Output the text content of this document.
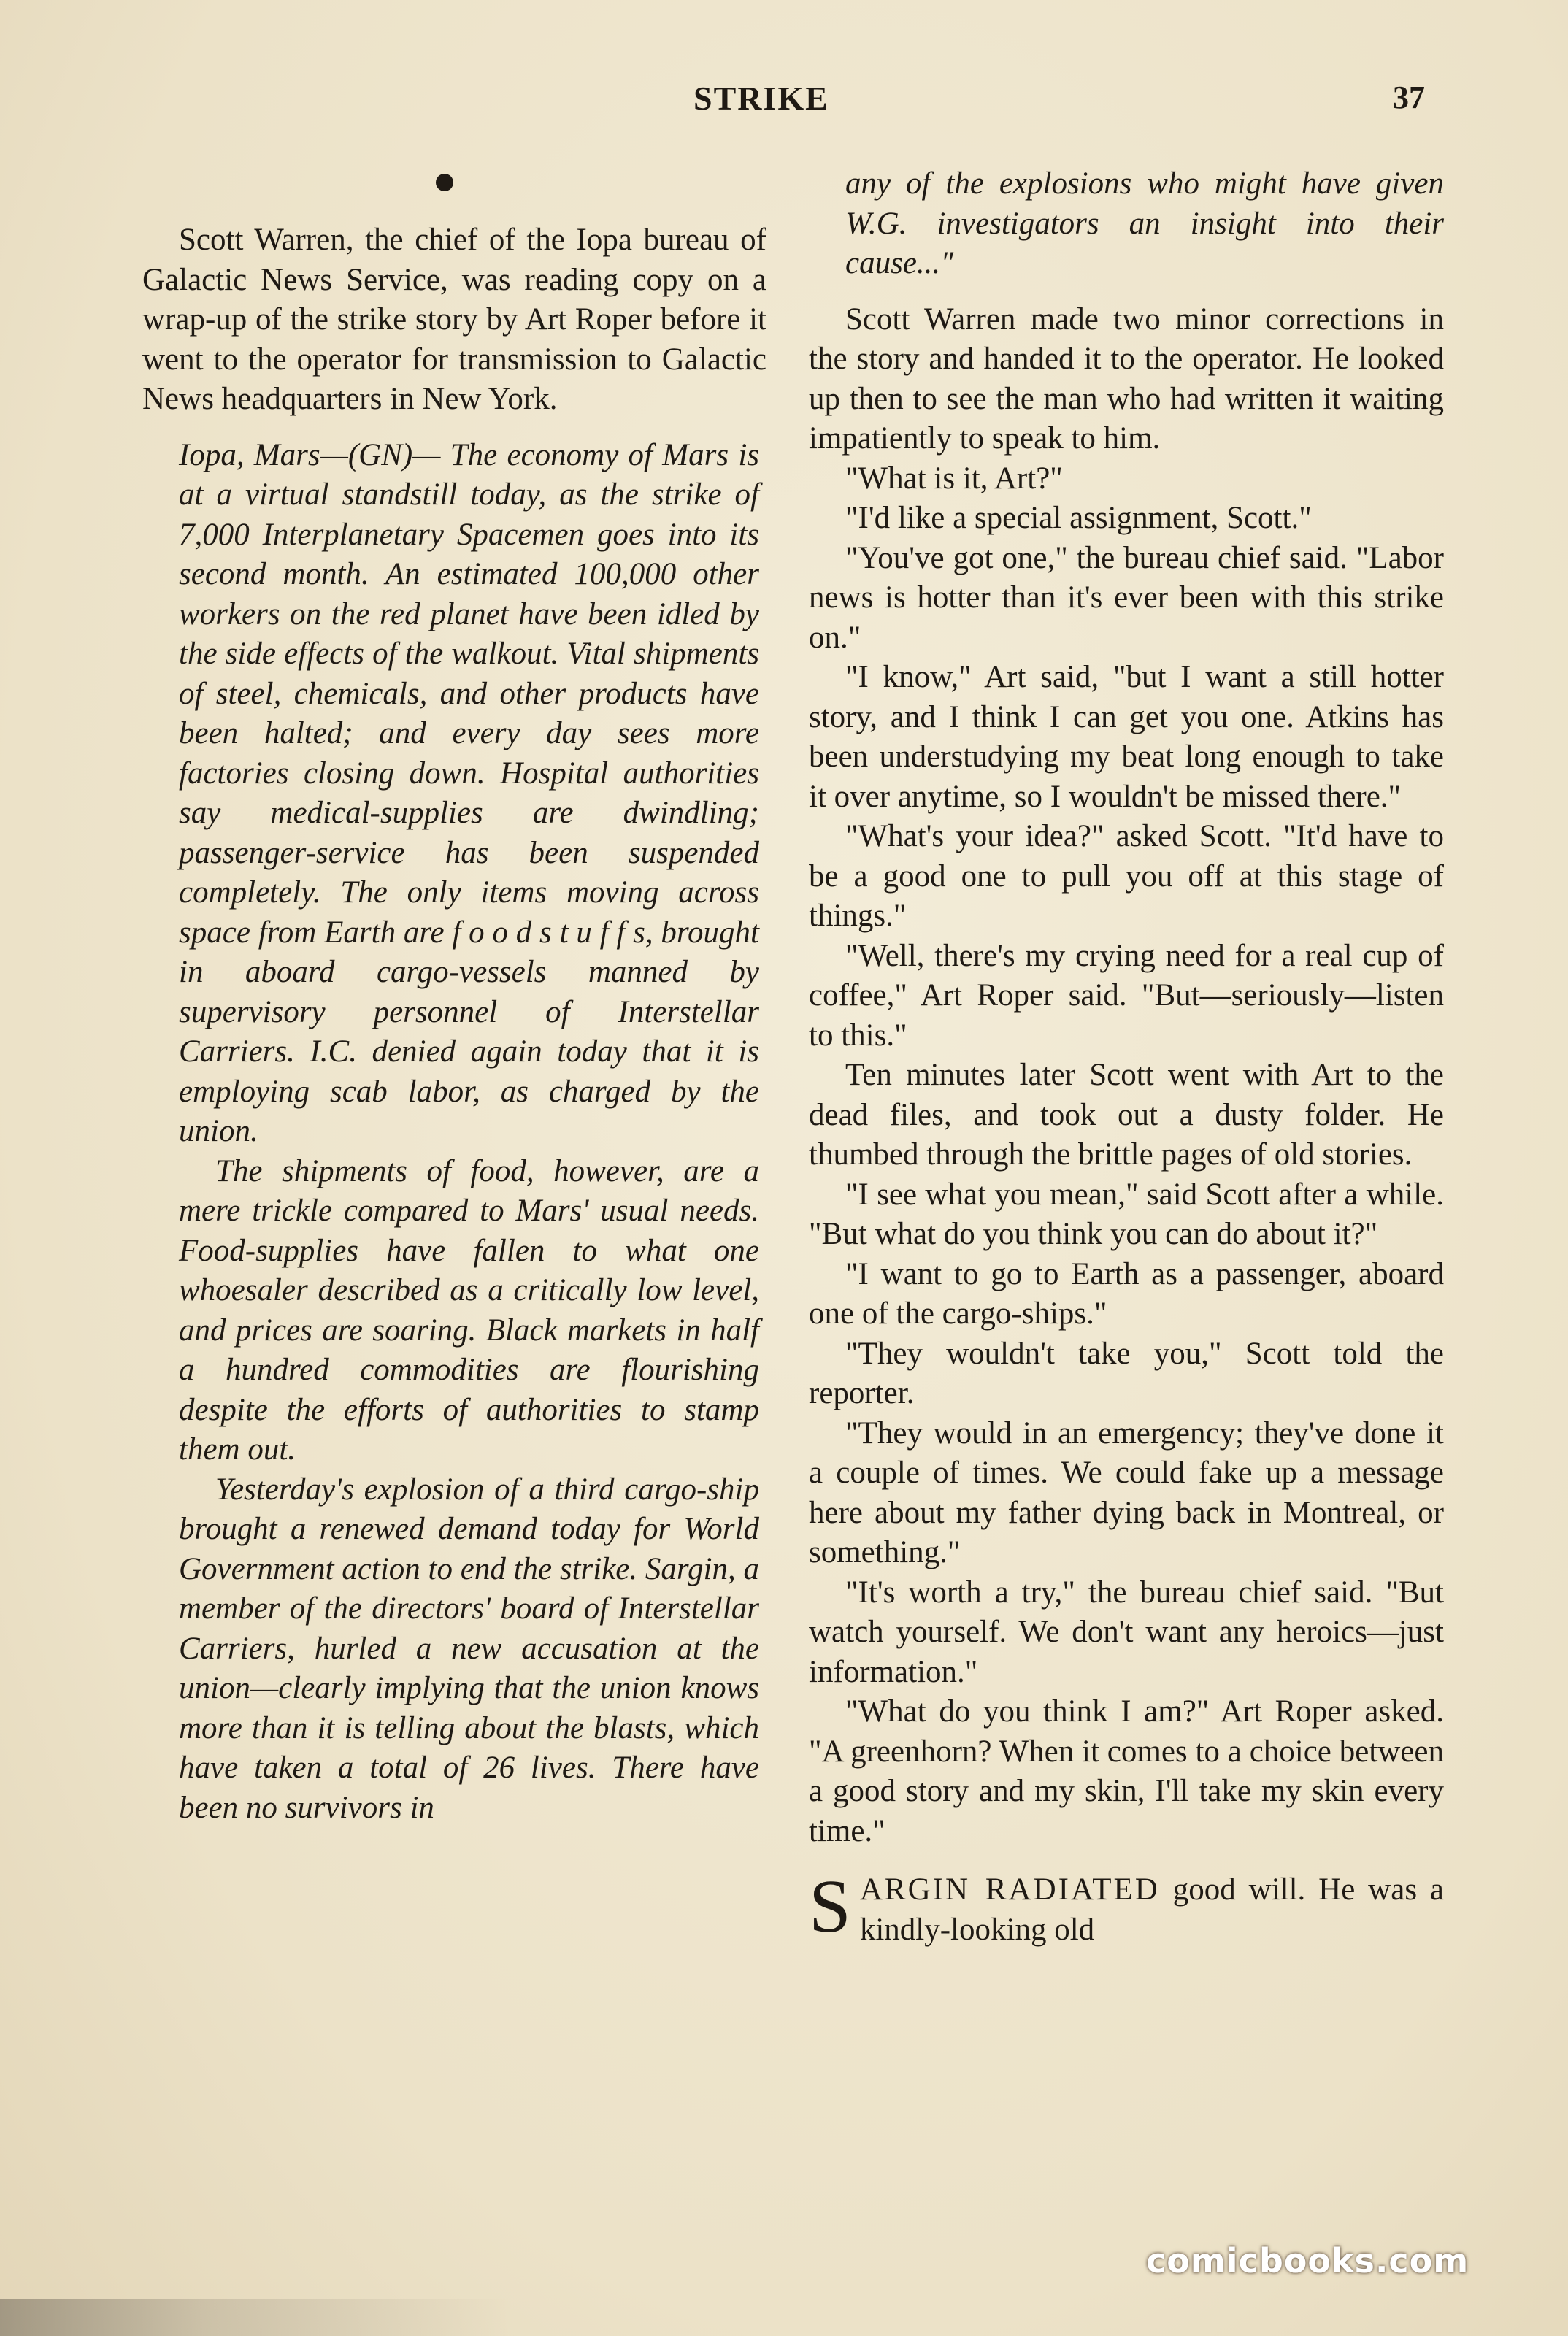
STRIKE	37

Scott Warren, the chief of the Iopa bureau of Galactic News Service, was reading copy on a wrap-up of the strike story by Art Roper before it went to the operator for transmission to Galactic News headquarters in New York.

Iopa, Mars—(GN)— The economy of Mars is at a virtual standstill today, as the strike of 7,000 Interplanetary Spacemen goes into its second month. An estimated 100,000 other workers on the red planet have been idled by the side effects of the walkout. Vital shipments of steel, chemicals, and other products have been halted; and every day sees more factories closing down. Hospital authorities say medical-supplies are dwindling; passenger-service has been suspended completely. The only items moving across space from Earth are f o o d s t u f f s, brought in aboard cargo-vessels manned by supervisory personnel of Interstellar Carriers. I.C. denied again today that it is employing scab labor, as charged by the union.

The shipments of food, however, are a mere trickle compared to Mars' usual needs. Food-supplies have fallen to what one whoesaler described as a critically low level, and prices are soaring. Black markets in half a hundred commodities are flourishing despite the efforts of authorities to stamp them out.

Yesterday's explosion of a third cargo-ship brought a renewed demand today for World Government action to end the strike. Sargin, a member of the directors' board of Interstellar Carriers, hurled a new accusation at the union—clearly implying that the union knows more than it is telling about the blasts, which have taken a total of 26 lives. There have been no survivors in

any of the explosions who might have given W.G. investigators an insight into their cause..."

Scott Warren made two minor corrections in the story and handed it to the operator. He looked up then to see the man who had written it waiting impatiently to speak to him.

"What is it, Art?"

"I'd like a special assignment, Scott."

"You've got one," the bureau chief said. "Labor news is hotter than it's ever been with this strike on."

"I know," Art said, "but I want a still hotter story, and I think I can get you one. Atkins has been understudying my beat long enough to take it over anytime, so I wouldn't be missed there."

"What's your idea?" asked Scott. "It'd have to be a good one to pull you off at this stage of things."

"Well, there's my crying need for a real cup of coffee," Art Roper said. "But—seriously—listen to this."

Ten minutes later Scott went with Art to the dead files, and took out a dusty folder. He thumbed through the brittle pages of old stories.

"I see what you mean," said Scott after a while. "But what do you think you can do about it?"

"I want to go to Earth as a passenger, aboard one of the cargo-ships."

"They wouldn't take you," Scott told the reporter.

"They would in an emergency; they've done it a couple of times. We could fake up a message here about my father dying back in Montreal, or something."

"It's worth a try," the bureau chief said. "But watch yourself. We don't want any heroics—just information."

"What do you think I am?" Art Roper asked. "A greenhorn? When it comes to a choice between a good story and my skin, I'll take my skin every time."

SARGIN RADIATED good will. He was a kindly-looking old

comicbooks.com
